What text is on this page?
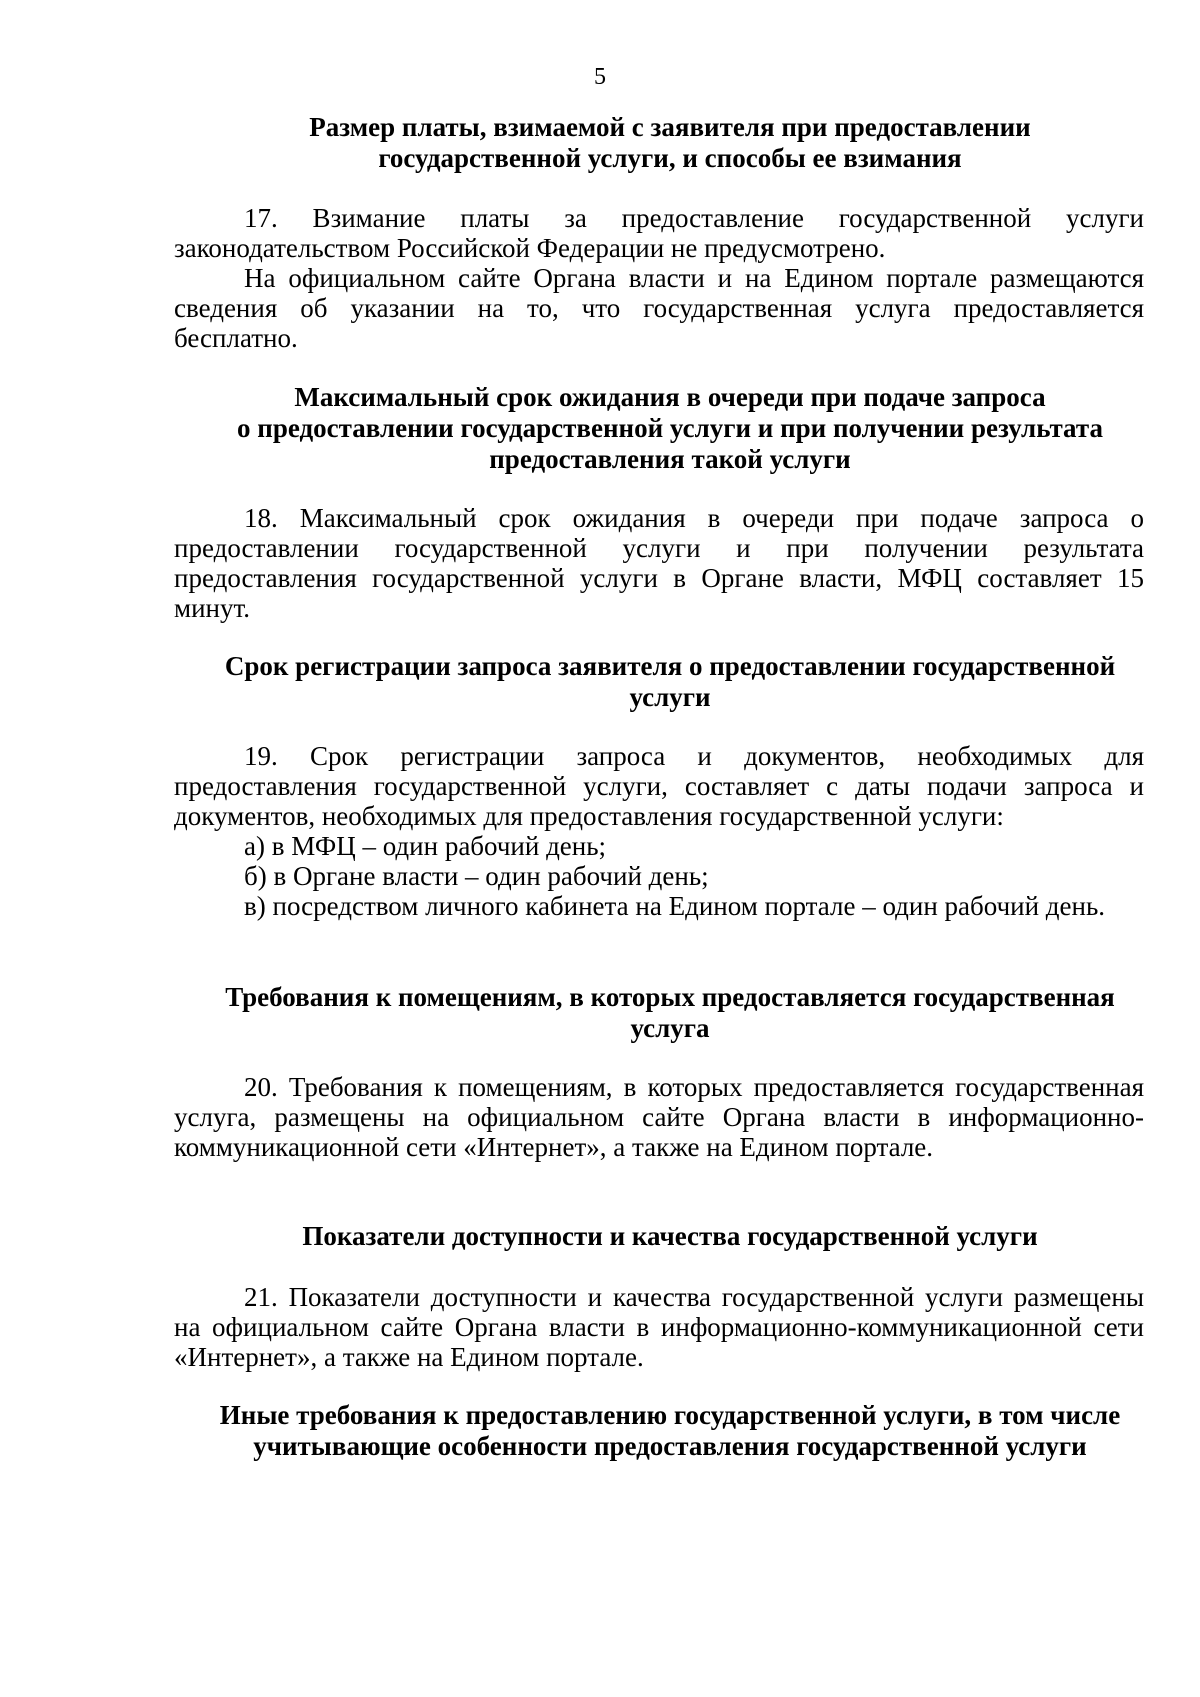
5
Размер платы, взимаемой с заявителя при предоставлении
государственной услуги, и способы ее взимания
17. Взимание платы за предоставление государственной услуги законодательством Российской Федерации не предусмотрено.
На официальном сайте Органа власти и на Едином портале размещаются сведения об указании на то, что государственная услуга предоставляется бесплатно.
Максимальный срок ожидания в очереди при подаче запроса
о предоставлении государственной услуги и при получении результата
предоставления такой услуги
18. Максимальный срок ожидания в очереди при подаче запроса о предоставлении государственной услуги и при получении результата предоставления государственной услуги в Органе власти, МФЦ составляет 15 минут.
Срок регистрации запроса заявителя о предоставлении государственной
услуги
19. Срок регистрации запроса и документов, необходимых для предоставления государственной услуги, составляет с даты подачи запроса и документов, необходимых для предоставления государственной услуги:
а) в МФЦ – один рабочий день;
б) в Органе власти – один рабочий день;
в) посредством личного кабинета на Едином портале – один рабочий день.
Требования к помещениям, в которых предоставляется государственная
услуга
20. Требования к помещениям, в которых предоставляется государственная услуга, размещены на официальном сайте Органа власти в информационно-коммуникационной сети «Интернет», а также на Едином портале.
Показатели доступности и качества государственной услуги
21. Показатели доступности и качества государственной услуги размещены на официальном сайте Органа власти в информационно-коммуникационной сети «Интернет», а также на Едином портале.
Иные требования к предоставлению государственной услуги, в том числе
учитывающие особенности предоставления государственной услуги
